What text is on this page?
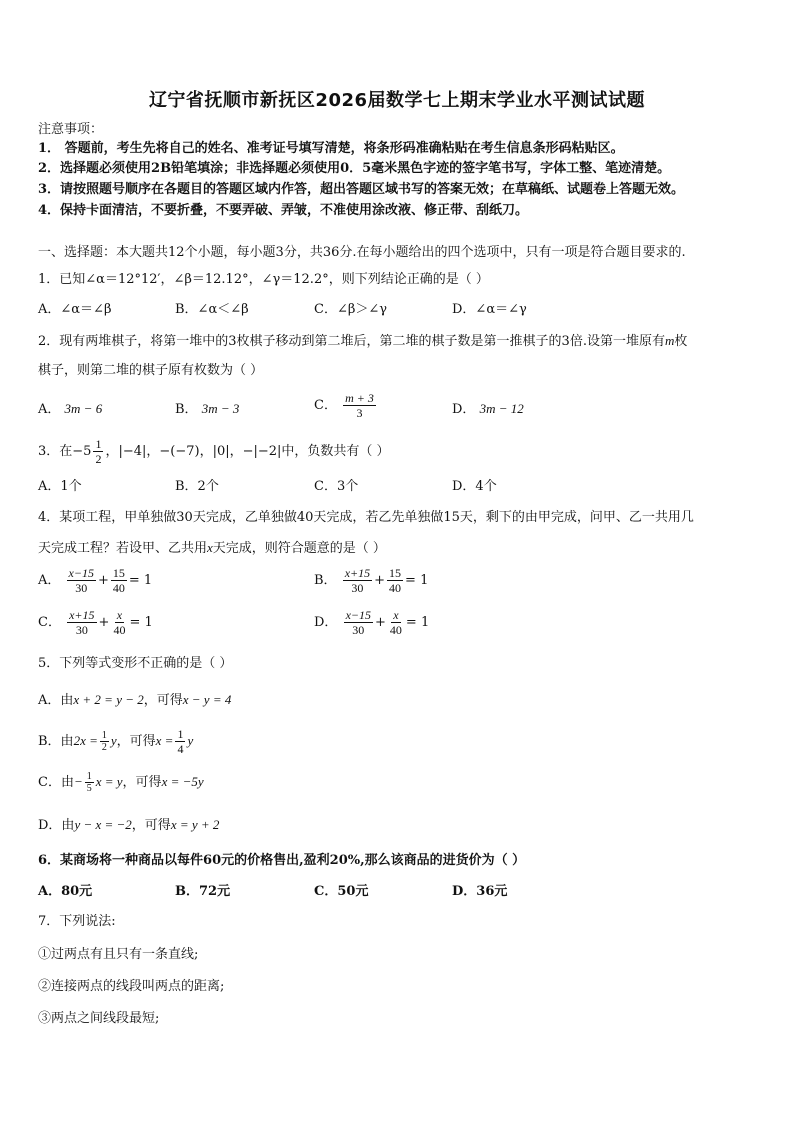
辽宁省抚顺市新抚区2026届数学七上期末学业水平测试试题
注意事项：
1． 答题前，考生先将自己的姓名、准考证号填写清楚，将条形码准确粘贴在考生信息条形码粘贴区。
2．选择题必须使用2B铅笔填涂；非选择题必须使用0．5毫米黑色字迹的签字笔书写，字体工整、笔迹清楚。
3．请按照题号顺序在各题目的答题区域内作答，超出答题区域书写的答案无效；在草稿纸、试题卷上答题无效。
4．保持卡面清洁，不要折叠，不要弄破、弄皱，不准使用涂改液、修正带、刮纸刀。
一、选择题：本大题共12个小题，每小题3分，共36分.在每小题给出的四个选项中，只有一项是符合题目要求的.
1．已知∠α＝12°12′，∠β＝12.12°，∠γ＝12.2°，则下列结论正确的是（ ）
A．∠α＝∠β	B．∠α＜∠β	C．∠β＞∠γ	D．∠α＝∠γ
2．现有两堆棋子，将第一堆中的3枚棋子移动到第二堆后，第二堆的棋子数是第一推棋子的3倍.设第一堆原有m枚
棋子，则第二堆的棋子原有枚数为（ ）
A． 3m − 6	B． 3m − 3	C． $\frac{m + 3}{3}$	D． 3m − 12
3．在$-5 \frac{1}{2}$ ，|−4|，−(−7)，|0|，−|−2|中，负数共有（ ）
A．1个	B．2个	C．3个	D．4个
4．某项工程，甲单独做30天完成，乙单独做40天完成，若乙先单独做15天，剩下的由甲完成，问甲、乙一共用几
天完成工程？若设甲、乙共用x天完成，则符合题意的是（ ）
A． $\frac{x-15}{30} + \frac{15}{40} = 1$	B． $\frac{x+15}{30} + \frac{15}{40} = 1$
C． $\frac{x+15}{30} + \frac{x}{40} = 1$	D． $\frac{x-15}{30} + \frac{x}{40} = 1$
5．下列等式变形不正确的是（ ）
A．由x + 2 = y − 2，可得x − y = 4
B．由$2x = \frac{1}{2}$ y，可得$x = \frac{1}{4}$ y
C．由− $\frac{1}{5}$ x = y，可得x = −5y
D．由y − x = −2，可得x = y + 2
6．某商场将一种商品以每件60元的价格售出,盈利20%,那么该商品的进货价为（ ）
A．80元	B．72元	C．50元	D．36元
7．下列说法:
①过两点有且只有一条直线;
②连接两点的线段叫两点的距离;
③两点之间线段最短;
